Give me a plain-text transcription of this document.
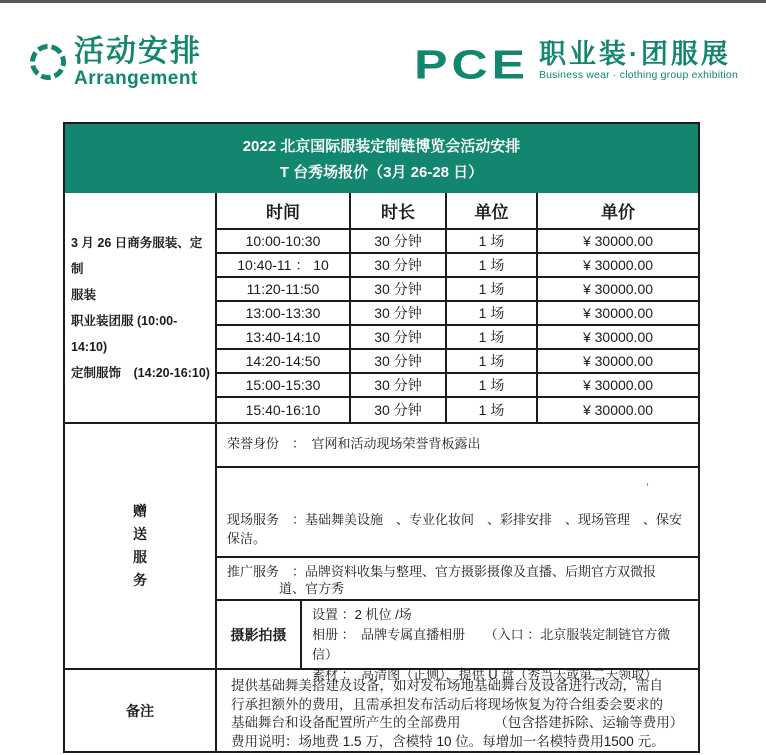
活动安排
Arrangement	PCE 职业装·团服展
Business wear · clothing group exhibition
2022 北京国际服装定制链博览会活动安排
T 台秀场报价（3月 26-28 日）
3 月 26 日商务服装、定制
服装
职业装团服 (10:00-14:10)
定制服饰　(14:20-16:10)
时间	时长	单位	单价
10:00-10:30	30 分钟	1 场	¥ 30000.00
10:40-11 ： 10	30 分钟	1 场	¥ 30000.00
11:20-11:50	30 分钟	1 场	¥ 30000.00
13:00-13:30	30 分钟	1 场	¥ 30000.00
13:40-14:10	30 分钟	1 场	¥ 30000.00
14:20-14:50	30 分钟	1 场	¥ 30000.00
15:00-15:30	30 分钟	1 场	¥ 30000.00
15:40-16:10	30 分钟	1 场	¥ 30000.00
赠
送
服
务
荣誉身份　：　官网和活动现场荣誉背板露出
’
现场服务　：基础舞美设施　、专业化妆间　、彩排安排　、现场管理　、保安保洁。
推广服务　：品牌资料收集与整理、官方摄影摄像及直播、后期官方双微报
道、官方秀
摄影拍摄
设置 ：2 机位 /场
相册 ：　品牌专属直播相册　　（入口 ：北京服装定制链官方微信）
素材 ：　高清图（正侧），提供 U 盘（秀当天或第二天领取）
备注
提供基础舞美搭建及设备，如对发布场地基础舞台及设备进行改动，需自
行承担额外的费用，且需承担发布活动后将现场恢复为符合组委会要求的
基础舞台和设备配置所产生的全部费用　　　（包含搭建拆除、运输等费用）
费用说明：场地费 1.5 万，含模特 10 位。每增加一名模特费用1500 元。
